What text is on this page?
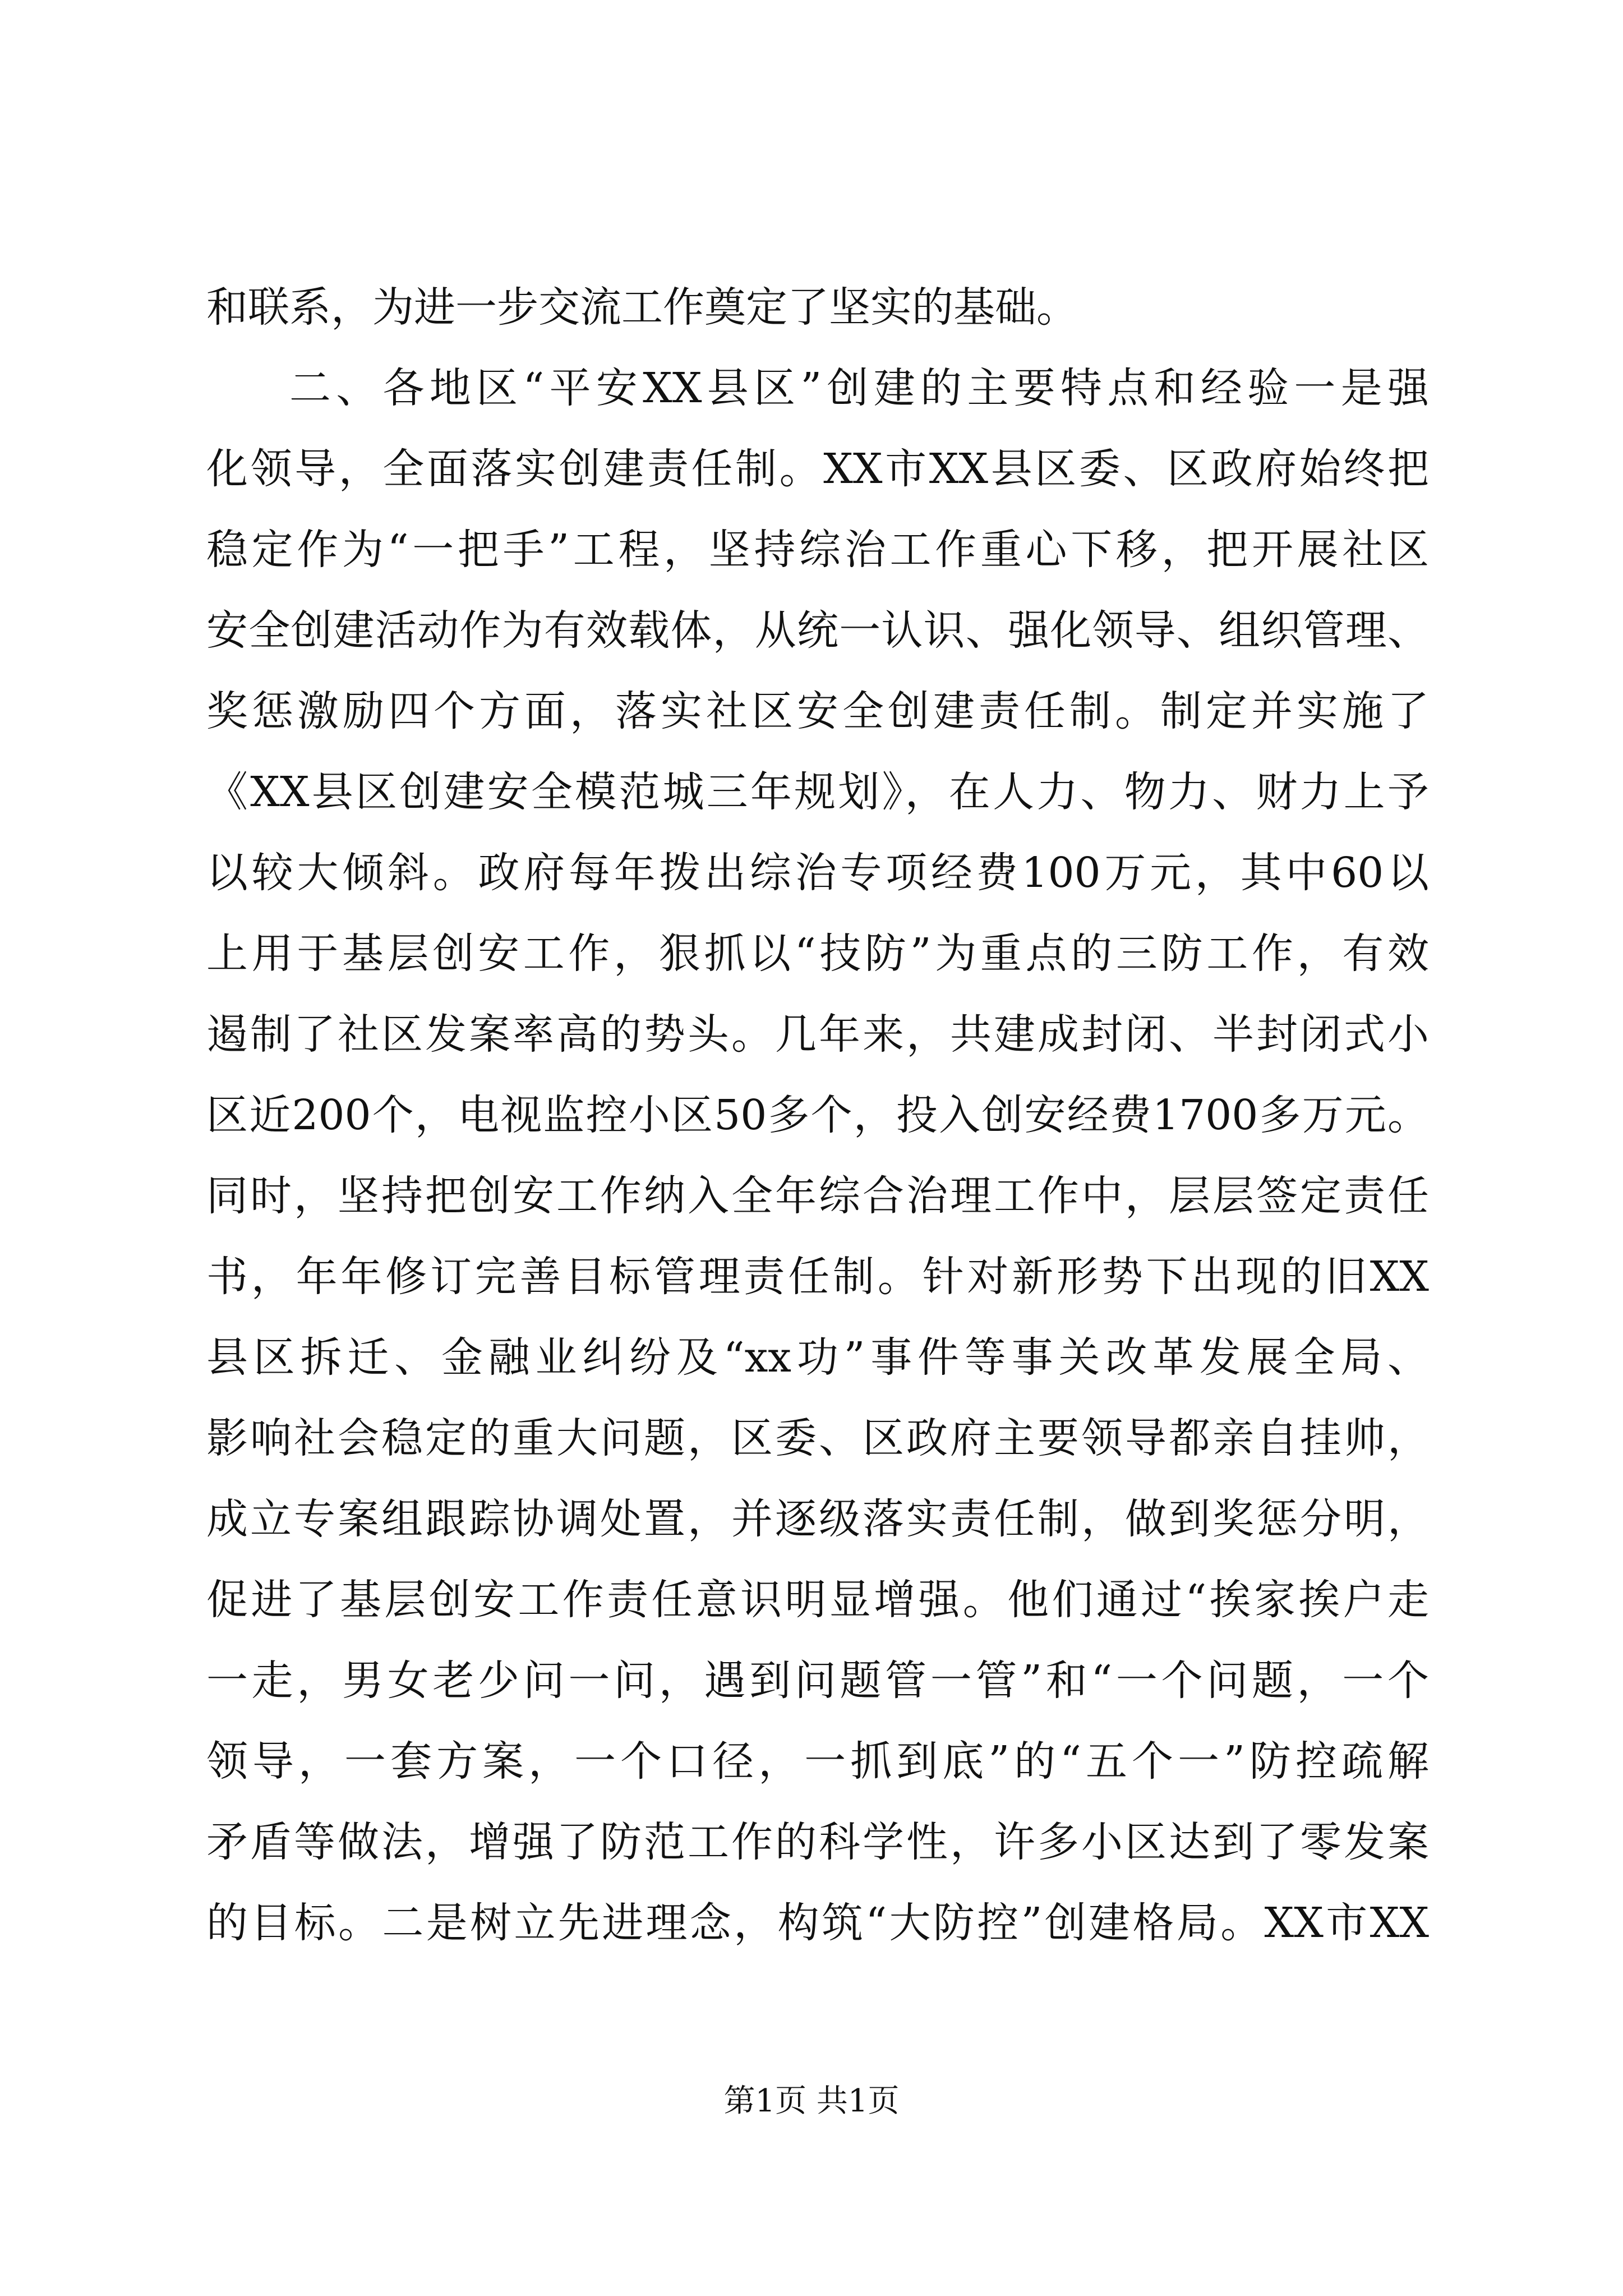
和联系，为进一步交流工作奠定了坚实的基础。
二、各地区“平安XX县区”创建的主要特点和经验一是强
化领导，全面落实创建责任制。XX市XX县区委、区政府始终把
稳定作为“一把手”工程，坚持综治工作重心下移，把开展社区
安全创建活动作为有效载体，从统一认识、强化领导、组织管理、
奖惩激励四个方面，落实社区安全创建责任制。制定并实施了
《XX县区创建安全模范城三年规划》，在人力、物力、财力上予
以较大倾斜。政府每年拨出综治专项经费100万元，其中60以
上用于基层创安工作，狠抓以“技防”为重点的三防工作，有效
遏制了社区发案率高的势头。几年来，共建成封闭、半封闭式小
区近200个，电视监控小区50多个，投入创安经费1700多万元。
同时，坚持把创安工作纳入全年综合治理工作中，层层签定责任
书，年年修订完善目标管理责任制。针对新形势下出现的旧XX
县区拆迁、金融业纠纷及“xx功”事件等事关改革发展全局、
影响社会稳定的重大问题，区委、区政府主要领导都亲自挂帅，
成立专案组跟踪协调处置，并逐级落实责任制，做到奖惩分明，
促进了基层创安工作责任意识明显增强。他们通过“挨家挨户走
一走，男女老少问一问，遇到问题管一管”和“一个问题，一个
领导，一套方案，一个口径，一抓到底”的“五个一”防控疏解
矛盾等做法，增强了防范工作的科学性，许多小区达到了零发案
的目标。二是树立先进理念，构筑“大防控”创建格局。XX市XX
第1页 共1页
